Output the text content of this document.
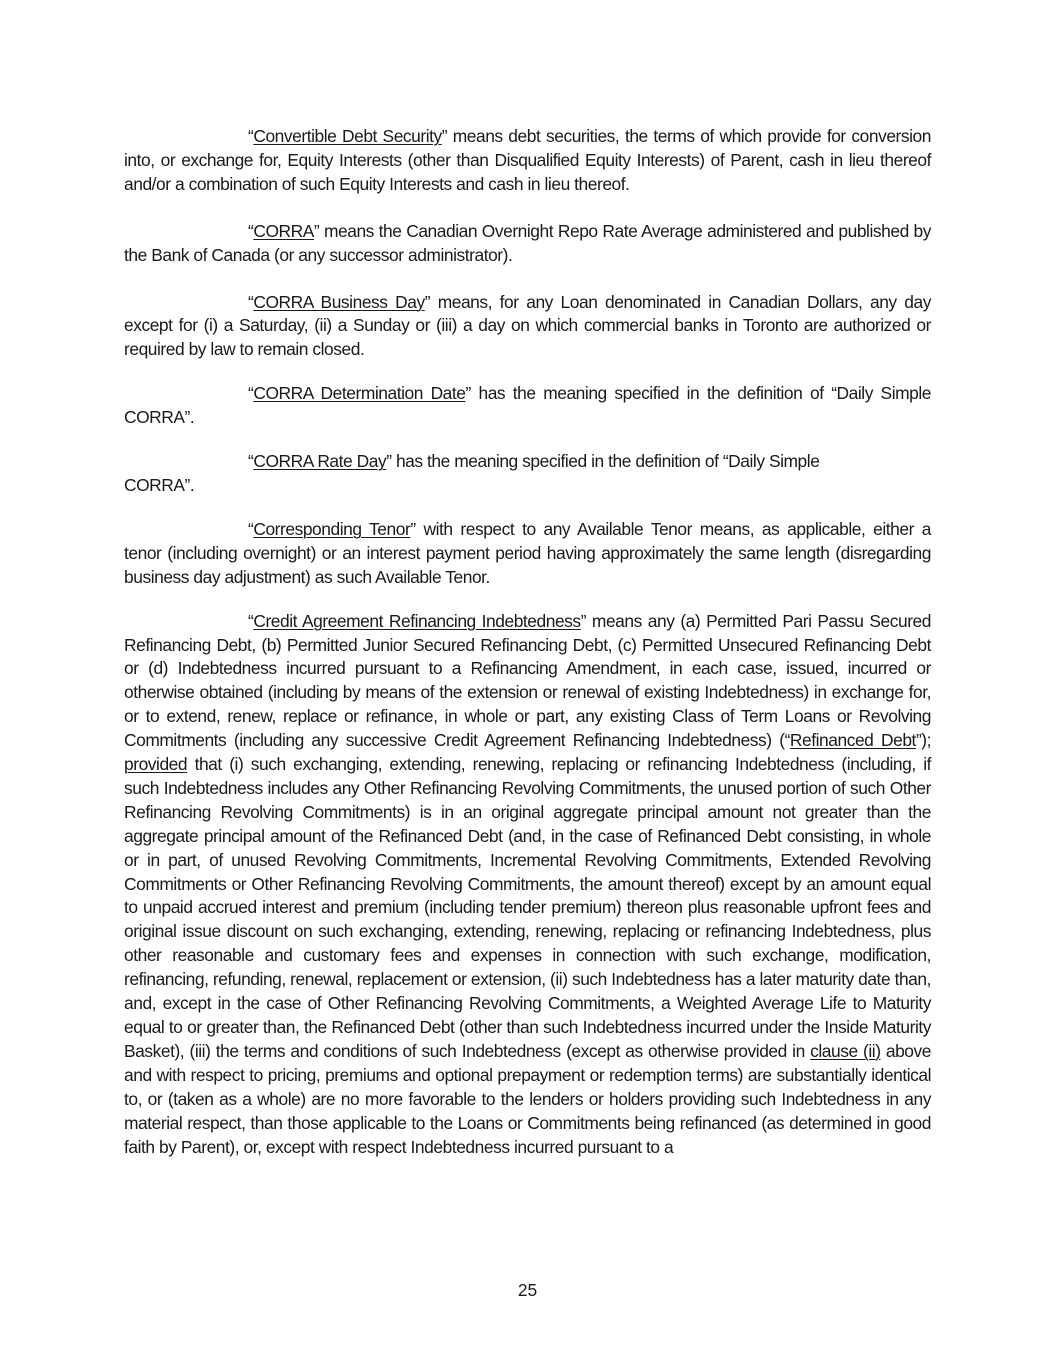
“Convertible Debt Security” means debt securities, the terms of which provide for conversion into, or exchange for, Equity Interests (other than Disqualified Equity Interests) of Parent, cash in lieu thereof and/or a combination of such Equity Interests and cash in lieu thereof.

“CORRA” means the Canadian Overnight Repo Rate Average administered and published by the Bank of Canada (or any successor administrator).

“CORRA Business Day” means, for any Loan denominated in Canadian Dollars, any day except for (i) a Saturday, (ii) a Sunday or (iii) a day on which commercial banks in Toronto are authorized or required by law to remain closed.

“CORRA Determination Date” has the meaning specified in the definition of “Daily Simple CORRA”.

“CORRA Rate Day” has the meaning specified in the definition of “Daily Simple
CORRA”.

“Corresponding Tenor” with respect to any Available Tenor means, as applicable, either a tenor (including overnight) or an interest payment period having approximately the same length (disregarding business day adjustment) as such Available Tenor.

“Credit Agreement Refinancing Indebtedness” means any (a) Permitted Pari Passu Secured Refinancing Debt, (b) Permitted Junior Secured Refinancing Debt, (c) Permitted Unsecured Refinancing Debt or (d) Indebtedness incurred pursuant to a Refinancing Amendment, in each case, issued, incurred or otherwise obtained (including by means of the extension or renewal of existing Indebtedness) in exchange for, or to extend, renew, replace or refinance, in whole or part, any existing Class of Term Loans or Revolving Commitments (including any successive Credit Agreement Refinancing Indebtedness) (“Refinanced Debt”); provided that (i) such exchanging, extending, renewing, replacing or refinancing Indebtedness (including, if such Indebtedness includes any Other Refinancing Revolving Commitments, the unused portion of such Other Refinancing Revolving Commitments) is in an original aggregate principal amount not greater than the aggregate principal amount of the Refinanced Debt (and, in the case of Refinanced Debt consisting, in whole or in part, of unused Revolving Commitments, Incremental Revolving Commitments, Extended Revolving Commitments or Other Refinancing Revolving Commitments, the amount thereof) except by an amount equal to unpaid accrued interest and premium (including tender premium) thereon plus reasonable upfront fees and original issue discount on such exchanging, extending, renewing, replacing or refinancing Indebtedness, plus other reasonable and customary fees and expenses in connection with such exchange, modification, refinancing, refunding, renewal, replacement or extension, (ii) such Indebtedness has a later maturity date than, and, except in the case of Other Refinancing Revolving Commitments, a Weighted Average Life to Maturity equal to or greater than, the Refinanced Debt (other than such Indebtedness incurred under the Inside Maturity Basket), (iii) the terms and conditions of such Indebtedness (except as otherwise provided in clause (ii) above and with respect to pricing, premiums and optional prepayment or redemption terms) are substantially identical to, or (taken as a whole) are no more favorable to the lenders or holders providing such Indebtedness in any material respect, than those applicable to the Loans or Commitments being refinanced (as determined in good faith by Parent), or, except with respect Indebtedness incurred pursuant to a

25
